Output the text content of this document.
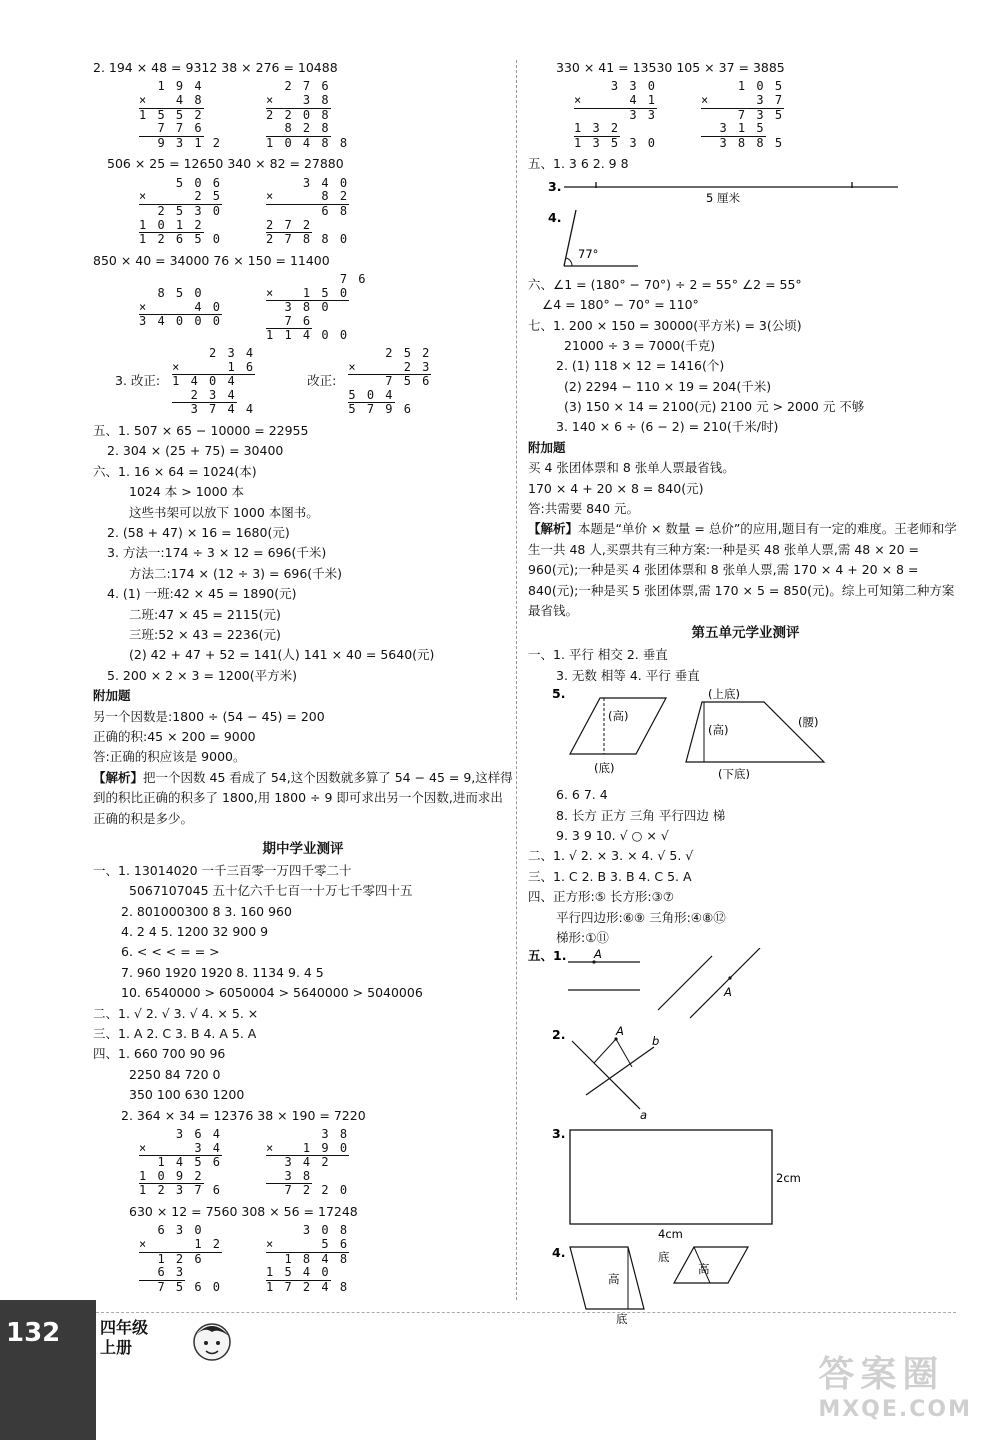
2. 194 × 48 = 9312 38 × 276 = 10488
1 9 4
×   4 8
1 5 5 2
7 7 6
9 3 1 2
2 7 6
×   3 8
2 2 0 8
8 2 8
1 0 4 8 8
506 × 25 = 12650 340 × 82 = 27880
5 0 6
×     2 5
2 5 3 0
1 0 1 2
1 2 6 5 0
3 4 0
×     8 2
6 8
2 7 2
2 7 8 8 0
850 × 40 = 34000 76 × 150 = 11400
8 5 0
×     4 0
3 4 0 0 0
7 6
×   1 5 0
3 8 0
7 6
1 1 4 0 0
3. 改正:
2 3 4
×     1 6
1 4 0 4
2 3 4
3 7 4 4
改正:
2 5 2
×     2 3
7 5 6
5 0 4
5 7 9 6
五、1. 507 × 65 − 10000 = 22955
2. 304 × (25 + 75) = 30400
六、1. 16 × 64 = 1024(本)
1024 本 > 1000 本
这些书架可以放下 1000 本图书。
2. (58 + 47) × 16 = 1680(元)
3. 方法一:174 ÷ 3 × 12 = 696(千米)
方法二:174 × (12 ÷ 3) = 696(千米)
4. (1) 一班:42 × 45 = 1890(元)
二班:47 × 45 = 2115(元)
三班:52 × 43 = 2236(元)
(2) 42 + 47 + 52 = 141(人) 141 × 40 = 5640(元)
5. 200 × 2 × 3 = 1200(平方米)
附加题
另一个因数是:1800 ÷ (54 − 45) = 200
正确的积:45 × 200 = 9000
答:正确的积应该是 9000。
【解析】把一个因数 45 看成了 54,这个因数就多算了 54 − 45 = 9,这样得到的积比正确的积多了 1800,用 1800 ÷ 9 即可求出另一个因数,进而求出正确的积是多少。
期中学业测评
一、1. 13014020 一千三百零一万四千零二十
5067107045 五十亿六千七百一十万七千零四十五
2. 801000300 8 3. 160 960
4. 2 4 5. 1200 32 900 9
6. < < < = = >
7. 960 1920 1920 8. 1134 9. 4 5
10. 6540000 > 6050004 > 5640000 > 5040006
二、1. √ 2. √ 3. √ 4. × 5. ×
三、1. A 2. C 3. B 4. A 5. A
四、1. 660 700 90 96
2250 84 720 0
350 100 630 1200
2. 364 × 34 = 12376 38 × 190 = 7220
3 6 4
×     3 4
1 4 5 6
1 0 9 2
1 2 3 7 6
3 8
×   1 9 0
3 4 2
3 8
7 2 2 0
630 × 12 = 7560 308 × 56 = 17248
6 3 0
×     1 2
1 2 6
6 3
7 5 6 0
3 0 8
×     5 6
1 8 4 8
1 5 4 0
1 7 2 4 8
330 × 41 = 13530 105 × 37 = 3885
3 3 0
×     4 1
3 3
1 3 2
1 3 5 3 0
1 0 5
×     3 7
7 3 5
3 1 5
3 8 8 5
五、1. 3 6 2. 9 8
3.
5 厘米

4.
77°
六、∠1 = (180° − 70°) ÷ 2 = 55° ∠2 = 55°
∠4 = 180° − 70° = 110°
七、1. 200 × 150 = 30000(平方米) = 3(公顷)
21000 ÷ 3 = 7000(千克)
2. (1) 118 × 12 = 1416(个)
(2) 2294 − 110 × 19 = 204(千米)
(3) 150 × 14 = 2100(元) 2100 元 > 2000 元 不够
3. 140 × 6 ÷ (6 − 2) = 210(千米/时)
附加题
买 4 张团体票和 8 张单人票最省钱。
170 × 4 + 20 × 8 = 840(元)
答:共需要 840 元。
【解析】本题是“单价 × 数量 = 总价”的应用,题目有一定的难度。王老师和学生一共 48 人,买票共有三种方案:一种是买 48 张单人票,需 48 × 20 = 960(元);一种是买 4 张团体票和 8 张单人票,需 170 × 4 + 20 × 8 = 840(元);一种是买 5 张团体票,需 170 × 5 = 850(元)。综上可知第二种方案最省钱。
第五单元学业测评
一、1. 平行 相交 2. 垂直
3. 无数 相等 4. 平行 垂直
5.
(高)
(底)
(上底)
(高)
(腰)
(下底)
6. 6 7. 4
8. 长方 正方 三角 平行四边 梯
9. 3 9 10. √ ○ × √
二、1. √ 2. × 3. × 4. √ 5. √
三、1. C 2. B 3. B 4. C 5. A
四、正方形:⑤ 长方形:③⑦
平行四边形:⑥⑨ 三角形:④⑧⑫
梯形:①⑪
五、1. A
A

2.
a
b
A

3.
2cm
4cm

4.
高
底
底
高
132 四年级
上册
答案圈
MXQE.COM
